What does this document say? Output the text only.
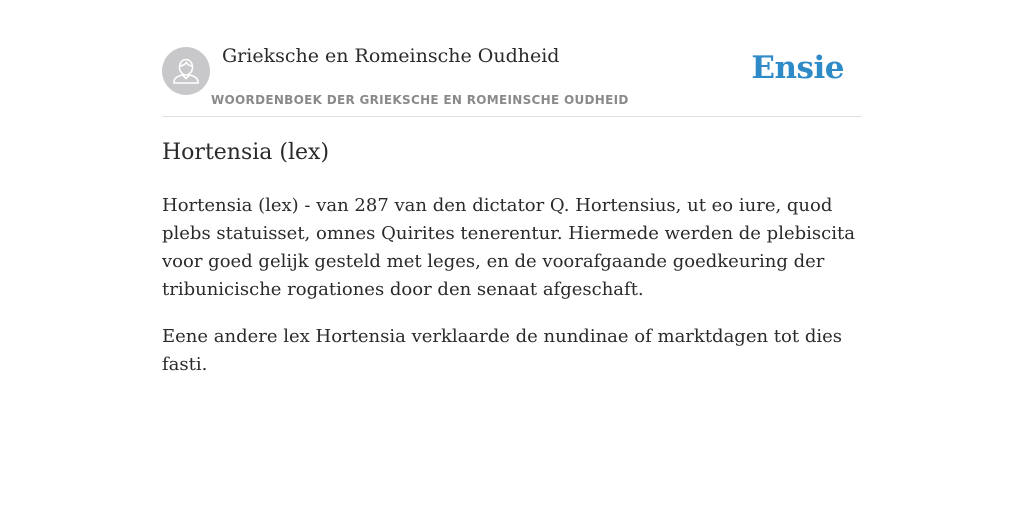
Grieksche en Romeinsche Oudheid
WOORDENBOEK DER GRIEKSCHE EN ROMEINSCHE OUDHEID
Ensie
Hortensia (lex)

Hortensia (lex) - van 287 van den dictator Q. Hortensius, ut eo iure, quod plebs statuisset, omnes Quirites tenerentur. Hiermede werden de plebiscita voor goed gelijk gesteld met leges, en de voorafgaande goedkeuring der tribunicische rogationes door den senaat afgeschaft.

Eene andere lex Hortensia verklaarde de nundinae of marktdagen tot dies fasti.
